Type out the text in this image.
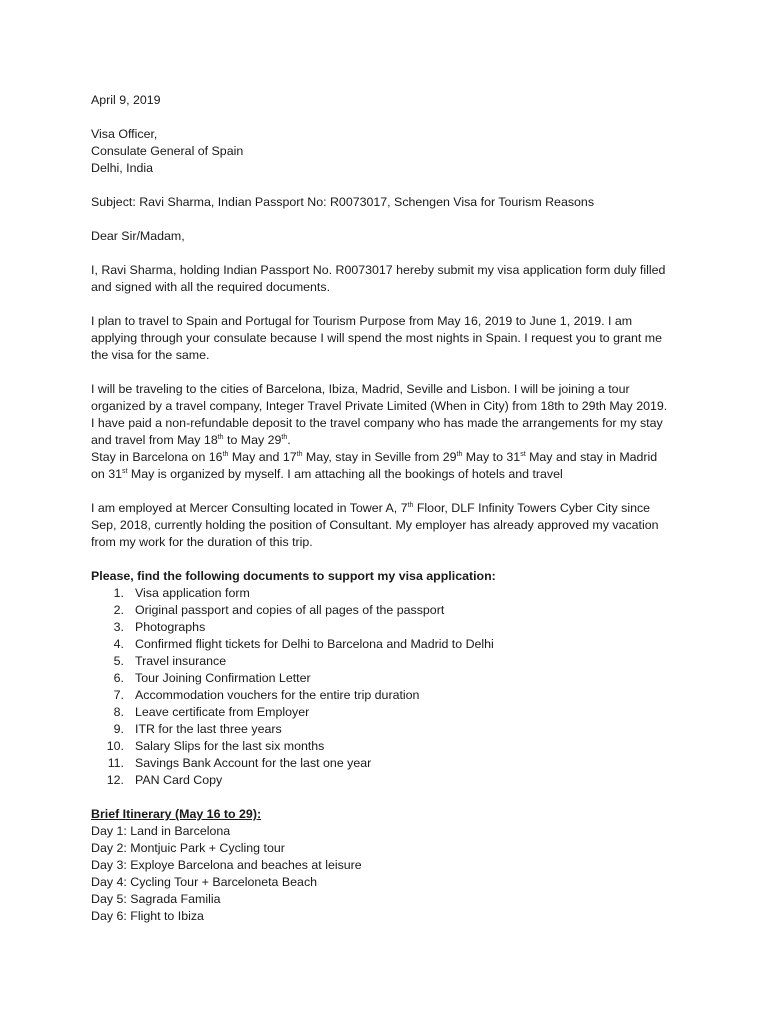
April 9, 2019
Visa Officer,
Consulate General of Spain
Delhi, India
Subject: Ravi Sharma, Indian Passport No: R0073017, Schengen Visa for Tourism Reasons
Dear Sir/Madam,
I, Ravi Sharma, holding Indian Passport No. R0073017 hereby submit my visa application form duly filled
and signed with all the required documents.
I plan to travel to Spain and Portugal for Tourism Purpose from May 16, 2019 to June 1, 2019. I am
applying through your consulate because I will spend the most nights in Spain. I request you to grant me
the visa for the same.
I will be traveling to the cities of Barcelona, Ibiza, Madrid, Seville and Lisbon. I will be joining a tour
organized by a travel company, Integer Travel Private Limited (When in City) from 18th to 29th May 2019.
I have paid a non-refundable deposit to the travel company who has made the arrangements for my stay
and travel from May 18th to May 29th.
Stay in Barcelona on 16th May and 17th May, stay in Seville from 29th May to 31st May and stay in Madrid
on 31st May is organized by myself. I am attaching all the bookings of hotels and travel
I am employed at Mercer Consulting located in Tower A, 7th Floor, DLF Infinity Towers Cyber City since
Sep, 2018, currently holding the position of Consultant. My employer has already approved my vacation
from my work for the duration of this trip.
Please, find the following documents to support my visa application:
1. Visa application form
2. Original passport and copies of all pages of the passport
3. Photographs
4. Confirmed flight tickets for Delhi to Barcelona and Madrid to Delhi
5. Travel insurance
6. Tour Joining Confirmation Letter
7. Accommodation vouchers for the entire trip duration
8. Leave certificate from Employer
9. ITR for the last three years
10. Salary Slips for the last six months
11. Savings Bank Account for the last one year
12. PAN Card Copy
Brief Itinerary (May 16 to 29):
Day 1: Land in Barcelona
Day 2: Montjuic Park + Cycling tour
Day 3: Exploye Barcelona and beaches at leisure
Day 4: Cycling Tour + Barceloneta Beach
Day 5: Sagrada Familia
Day 6: Flight to Ibiza
